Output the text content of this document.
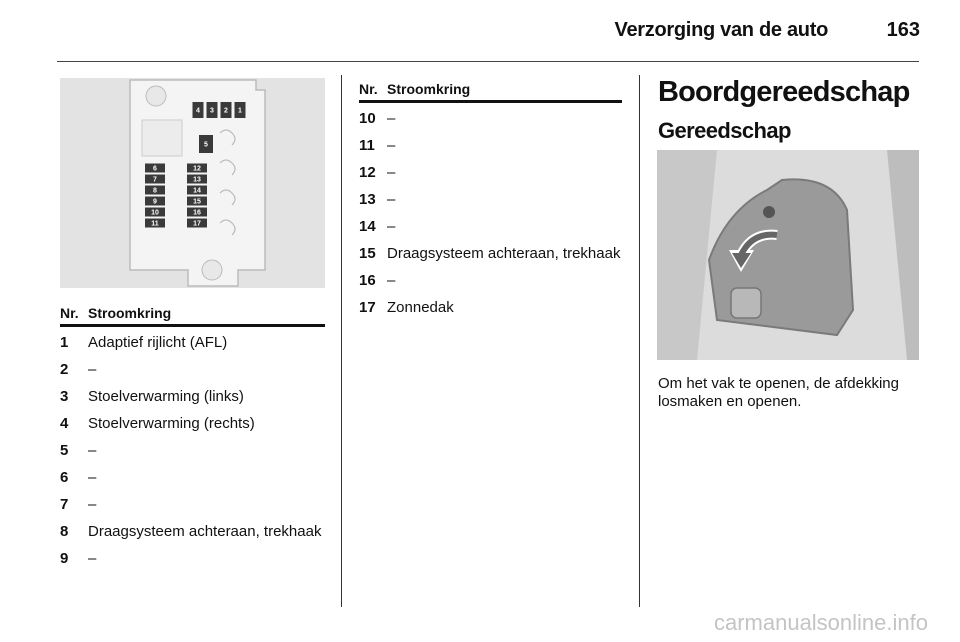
Verzorging van de auto	163
4 3 2 1
5
6
7
8
9
10
11
12
13
14
15
16
17
Nr.	Stroomkring
1	Adaptief rijlicht (AFL)
2	–
3	Stoelverwarming (links)
4	Stoelverwarming (rechts)
5	–
6	–
7	–
8	Draagsysteem achteraan, trekhaak
9	–
Nr.	Stroomkring
10	–
11	–
12	–
13	–
14	–
15	Draagsysteem achteraan, trekhaak
16	–
17	Zonnedak
Boordgereedschap
Gereedschap
Om het vak te openen, de afdekking losmaken en openen.
carmanualsonline.info
